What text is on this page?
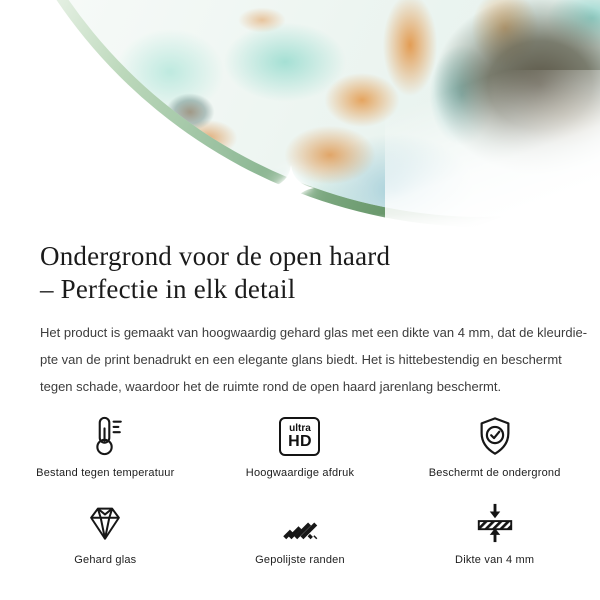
Ondergrond voor de open haard
– Perfectie in elk detail
Het product is gemaakt van hoogwaardig gehard glas met een dikte van 4 mm, dat de kleurdie-
pte van de print benadrukt en een elegante glans biedt. Het is hittebestendig en beschermt
tegen schade, waardoor het de ruimte rond de open haard jarenlang beschermt.
Bestand tegen temperatuur
ultra
HD
Hoogwaardige afdruk	Beschermt de ondergrond
Gehard glas	Gepolijste randen	Dikte van 4 mm
